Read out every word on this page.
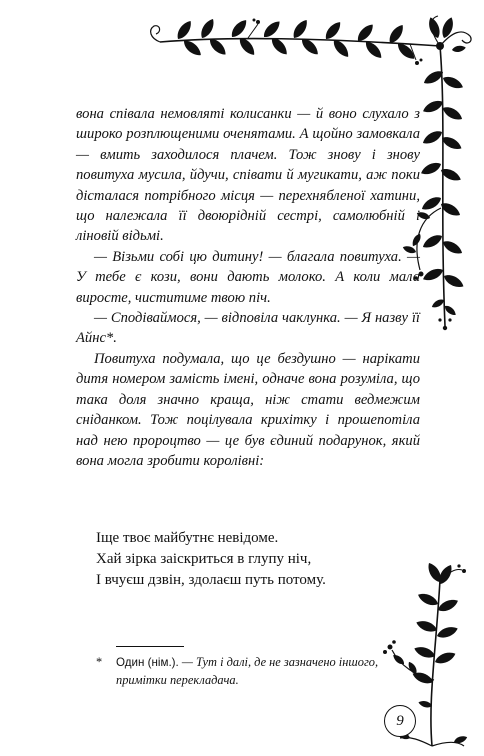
вона співала немовляті колисанки — й воно слухало з широко розплющеними оченятами. А щойно замовкала — вмить заходилося плачем. Тож знову і знову повитуха мусила, йдучи, співати й мугикати, аж поки дісталася потрібного місця — перехнябленої хатини, що належала її двоюрідній сестрі, самолюбній і ліновій відьмі.

— Візьми собі цю дитину! — благала повитуха. — У тебе є кози, вони дають молоко. А коли мала виросте, чиститиме твою піч.

— Сподіваймося, — відповіла чаклунка. — Я назву її Айнс*.

Повитуха подумала, що це бездушно — нарікати дитя номером замість імені, одначе вона розуміла, що така доля значно краща, ніж стати ведмежим сніданком. Тож поцілувала крихітку і прошепотіла над нею пророцтво — це був єдиний подарунок, який вона могла зробити королівні:

Іще твоє майбутнє невідоме.
Хай зірка заіскриться в глупу ніч,
І вчуєш дзвін, здолаєш путь потому.
* Один (нім.). — Тут і далі, де не зазначено іншого,
примітки перекладача.
9
